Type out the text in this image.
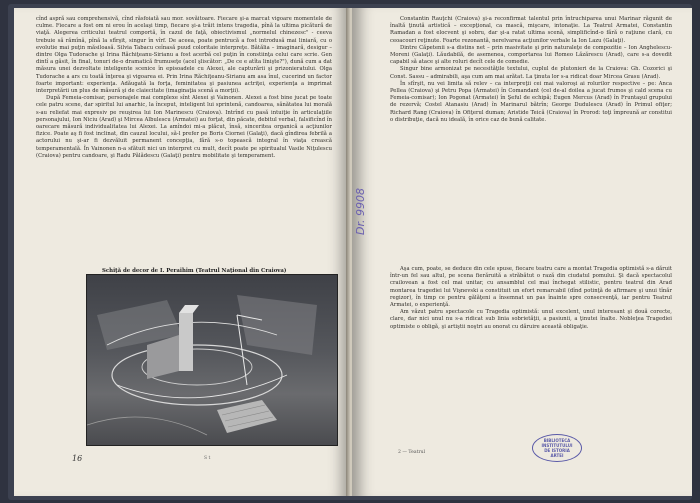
cînd aspră sau comprehensivă, cînd răsfoiată sau mor. sovăitoare. Fiecare şi-a marcat vigoare momentele de culme. Fiecare a fost om ni erou în acelaşi timp, fiecare şi-a trăit intens tragedia, pînă la ultima picătură de viaţă. Alegerea criticului teatrul comportă, în cazul de faţă, obiectivismul „normelul chinezesc" - ceeva trebuie să rămînă, pînă la sfîrşit, singur în vîrf. De aceea, poate pentrucă a fost introdusă mai liniară, cu o evolutie mai puţin măsiloasă. Silvia Tabacu ceînasă puud coloritaie interpreţe. Bătălia – imaginară, desigur – dintre Olga Tudorache şi Irina Răchiţeanu-Sirianu a fost acerbă cel puţin în constiinţa celui care scrie. Gen dintî a găsit, în final, tonuri de-o dramatică frumuseţe (acel şliscător: „De ce e atîta linişte?"), dună cum a dat măsura unei dezvoltate inteligente scenice în episoadele cu Alexei, ale capturării şi prizonieratului. Olga Tudorache a ars cu toată înţerea şi vigoarea ei. Prin Irina Răchiţeanu-Sirianu am asa înul, cucerind un factor foarte important: experienţa. Adăugată la forţa, feminitatea şi pasiunea actriţei, experienţa a imprimat interpretării un plus de măsură şi de claiecitate (imaginaţia scenă a morţii).

După Femeia-comisar, personajele mai complexe sînt Alexei şi Vainonen. Alexei a fost bine jucat pe toate cele patru scene, dar spiritul lui anarhic, la început, inteligent lui sprintenă, candoarea, sănătatea lui morală s-au reliefat mai expresiv pe reuşirea lui Ion Marinescu (Craiova). Intrînd cu pasă intuiţie în articulaţiile personajului, Ion Niciu (Arad) şi Mircea Albulescu (Armatei) au forţat, din păcate, debitul verbal, falsificînd în oarecare măsură individualitatea lui Alexei. La amîndoi mi-a plăcut, însă, sinceritea organică a acţiunilor fizice. Poate aş fi fost inclinat, din cauzul locului, să-l prefer pe Boris Ciornei (Galaţi), dacă gîndirea febrilă a actorului nu şi-ar fi dezvăluit permanent concepţia, fără s-o topească integral în viaţa crească temperamentală. În Vainonen n-a sfătuit nici un interpret cu mult, decît poate pe spiritualul Vasile Niţulescu (Craiova) pentru candoare, şi Radu Pălădescu (Galaţi) pentru mobilitate şi temperament.

Schiţă de decor de I. Peraihim (Teatrul Naţional din Craiova)
16	S t

Constantin Rauţchi (Craiova) şi-a reconfirmat talentul prin întruchiparea unui Marinar răgunit de înaltă ţinută artistică – excepţional, ca mască, mişcare, intonaţie. La Teatrul Armatei, Constantin Ramadan a fost elocvent şi sobru, dar şi-a ratat ultima scenă, simplificînd-o fără o raţiune clară, cu ceoacouri reţinute. Foarte rezonantă, nerelvarea acţiunilor verbale la Ion Lazu (Galaţi).

Dintre Căpetenii s-a distins net – prin masivitate şi prin naturaleţe de compozitie – Ion Anghelescu-Moreni (Galaţi). Lăudabilă, de asemenea, comportarea lui Romeo Lăzărescu (Arad), care s-a dovedit capabil să atace şi alte roluri decît cele de comedie.

Singur bine armonizat pe necesităţile textului, cuplul de plutonieri de la Craiova: Gh. Cozorici şi Const. Sassu – admirabili, aşa cum am mai arătat. La ţinuta lor s-a ridicat doar Mircea Grasu (Arad).

În sfîrşit, nu vei limita să relev – ca interpreţii cei mai valoroşi ai rolurilor respective – pe: Anca Pellea (Craiova) şi Petru Popa (Armatei) în Comandant (cel de-al doilea a jucat frumos şi cald scena cu Femeia-comisar); Ion Pogonat (Armatei) în Şeful de echipă; Eugen Mercus (Arad) în Fruntaşul grupului de rezervă; Costel Atanasiu (Arad) în Marinarul bătrîn; George Dudulescu (Arad) în Primul ofiţer; Richard Rang (Craiova) în Ofiţerul duman; Aristide Teică (Craiova) în Prorod: toţi împreună ar constitui o distribuţie, dacă nu ideală, în orice caz de bună calitate.

Aşa cum, poate, se deduce din cele spuse, fiecare teatru care a montat Tragedia optimistă s-a dăruit într-un fel sau altul, pe scena fierăruită a străbătut o rază din ciudatul pomului. Şi dacă spectacolul crailovean a fost cel mai unitar, cu ansamblul cel mai închegat stilistic, pentru teatrul din Arad montarea tragediei lui Vişnevski a constituit un efort remarcabil (dînd potinţă de afirmare şi unui tînăr regizor), în timp ce pentru gălăţeni a însemnat un pas înainte spre consecvenţă, iar pentru Teatrul Armatei, o experienţă.

Am văzut patru spectacole cu Tragedia optimistă: unul excelent, unul interesant şi două corecte, clare, dar nici unul nu s-a ridicat sub linia sobrietăţii, a pasiunii, a ţinutei înalte. Nobleţea Tragediei optimiste o obligă, şi artiştii noştri au onorat cu dăruire această obligaţie.

2 — Teatrul
Dr. 9908
BIBLIOTECA
INSTITUTULUI
DE ISTORIA
ARTEI
